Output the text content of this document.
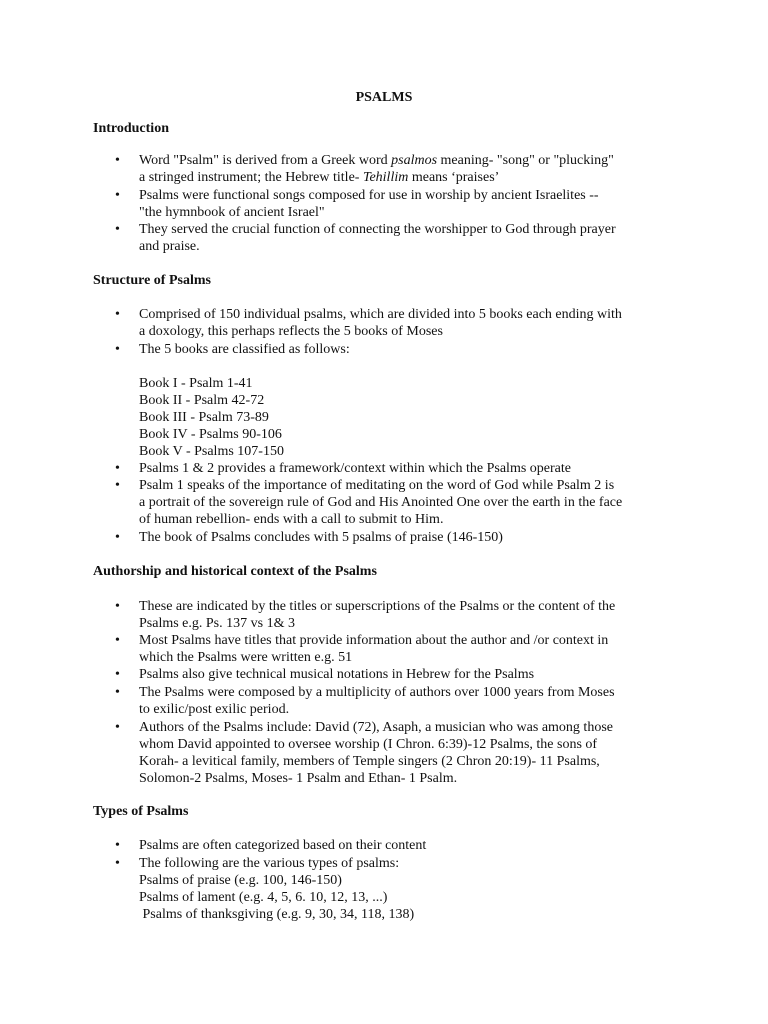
PSALMS
Introduction
•	Word "Psalm" is derived from a Greek word psalmos meaning- "song" or "plucking"
a stringed instrument; the Hebrew title- Tehillim means ‘praises’
•	Psalms were functional songs composed for use in worship by ancient Israelites --
"the hymnbook of ancient Israel"
•	They served the crucial function of connecting the worshipper to God through prayer
and praise.
Structure of Psalms
•	Comprised of 150 individual psalms, which are divided into 5 books each ending with
a doxology, this perhaps reflects the 5 books of Moses
•	The 5 books are classified as follows:
Book I - Psalm 1-41
Book II - Psalm 42-72
Book III - Psalm 73-89
Book IV - Psalms 90-106
Book V - Psalms 107-150
•	Psalms 1 & 2 provides a framework/context within which the Psalms operate
•	Psalm 1 speaks of the importance of meditating on the word of God while Psalm 2 is
a portrait of the sovereign rule of God and His Anointed One over the earth in the face
of human rebellion- ends with a call to submit to Him.
•	The book of Psalms concludes with 5 psalms of praise (146-150)
Authorship and historical context of the Psalms
•	These are indicated by the titles or superscriptions of the Psalms or the content of the
Psalms e.g. Ps. 137 vs 1& 3
•	Most Psalms have titles that provide information about the author and /or context in
which the Psalms were written e.g. 51
•	Psalms also give technical musical notations in Hebrew for the Psalms
•	The Psalms were composed by a multiplicity of authors over 1000 years from Moses
to exilic/post exilic period.
•	Authors of the Psalms include: David (72), Asaph, a musician who was among those
whom David appointed to oversee worship (I Chron. 6:39)-12 Psalms, the sons of
Korah- a levitical family, members of Temple singers (2 Chron 20:19)- 11 Psalms,
Solomon-2 Psalms, Moses- 1 Psalm and Ethan- 1 Psalm.
Types of Psalms
•	Psalms are often categorized based on their content
•	The following are the various types of psalms:
Psalms of praise (e.g. 100, 146-150)
Psalms of lament (e.g. 4, 5, 6. 10, 12, 13, ...)
Psalms of thanksgiving (e.g. 9, 30, 34, 118, 138)
